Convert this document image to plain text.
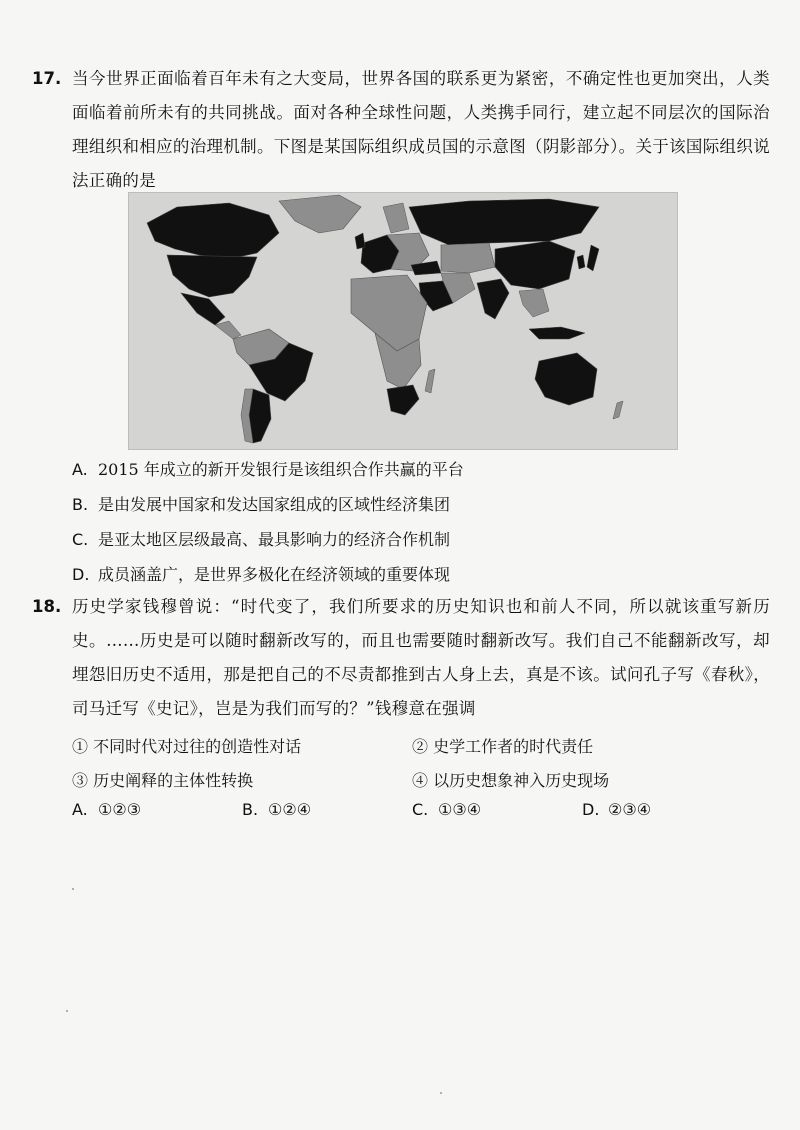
17. 当今世界正面临着百年未有之大变局，世界各国的联系更为紧密，不确定性也更加突出，人类面临着前所未有的共同挑战。面对各种全球性问题，人类携手同行，建立起不同层次的国际治理组织和相应的治理机制。下图是某国际组织成员国的示意图（阴影部分）。关于该国际组织说法正确的是
A. 2015 年成立的新开发银行是该组织合作共赢的平台
B. 是由发展中国家和发达国家组成的区域性经济集团
C. 是亚太地区层级最高、最具影响力的经济合作机制
D. 成员涵盖广，是世界多极化在经济领域的重要体现
18. 历史学家钱穆曾说：“时代变了，我们所要求的历史知识也和前人不同，所以就该重写新历史。……历史是可以随时翻新改写的，而且也需要随时翻新改写。我们自己不能翻新改写，却埋怨旧历史不适用，那是把自己的不尽责都推到古人身上去，真是不该。试问孔子写《春秋》，司马迁写《史记》，岂是为我们而写的？”钱穆意在强调
① 不同时代对过往的创造性对话	② 史学工作者的时代责任
③ 历史阐释的主体性转换	④ 以历史想象神入历史现场
A. ①②③	B. ①②④	C. ①③④	D. ②③④
